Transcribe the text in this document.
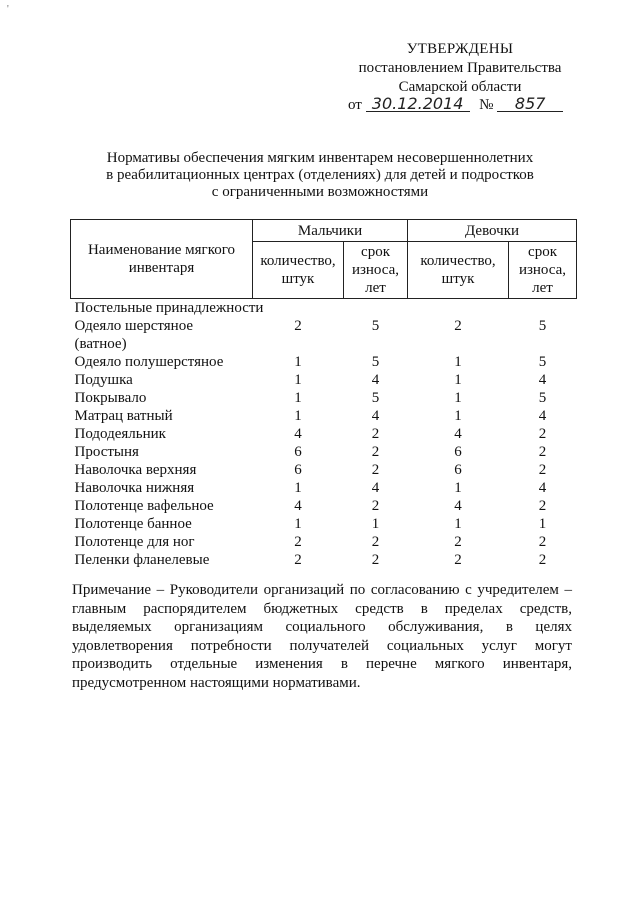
'
УТВЕРЖДЕНЫ
постановлением Правительства
Самарской области
от 30.12.2014 № 857
Нормативы обеспечения мягким инвентарем несовершеннолетних
в реабилитационных центрах (отделениях) для детей и подростков
с ограниченными возможностями
Наименование мягкого инвентаря	Мальчики		Девочки	
	количество, штук	срок износа, лет	количество, штук	срок износа, лет
Постельные принадлежности				

Одеяло шерстяное
(ватное)	2	5	2	5

Одеяло полушерстяное	1	5	1	5

Подушка	1	4	1	4

Покрывало	1	5	1	5

Матрац ватный	1	4	1	4

Пододеяльник	4	2	4	2

Простыня	6	2	6	2

Наволочка верхняя	6	2	6	2

Наволочка нижняя	1	4	1	4

Полотенце вафельное	4	2	4	2

Полотенце банное	1	1	1	1

Полотенце для ног	2	2	2	2

Пеленки фланелевые	2	2	2	2
Примечание – Руководители организаций по согласованию с учредителем – главным распорядителем бюджетных средств в пределах средств, выделяемых организациям социального обслуживания, в целях удовлетворения потребности получателей социальных услуг могут производить отдельные изменения в перечне мягкого инвентаря, предусмотренном настоящими нормативами.
